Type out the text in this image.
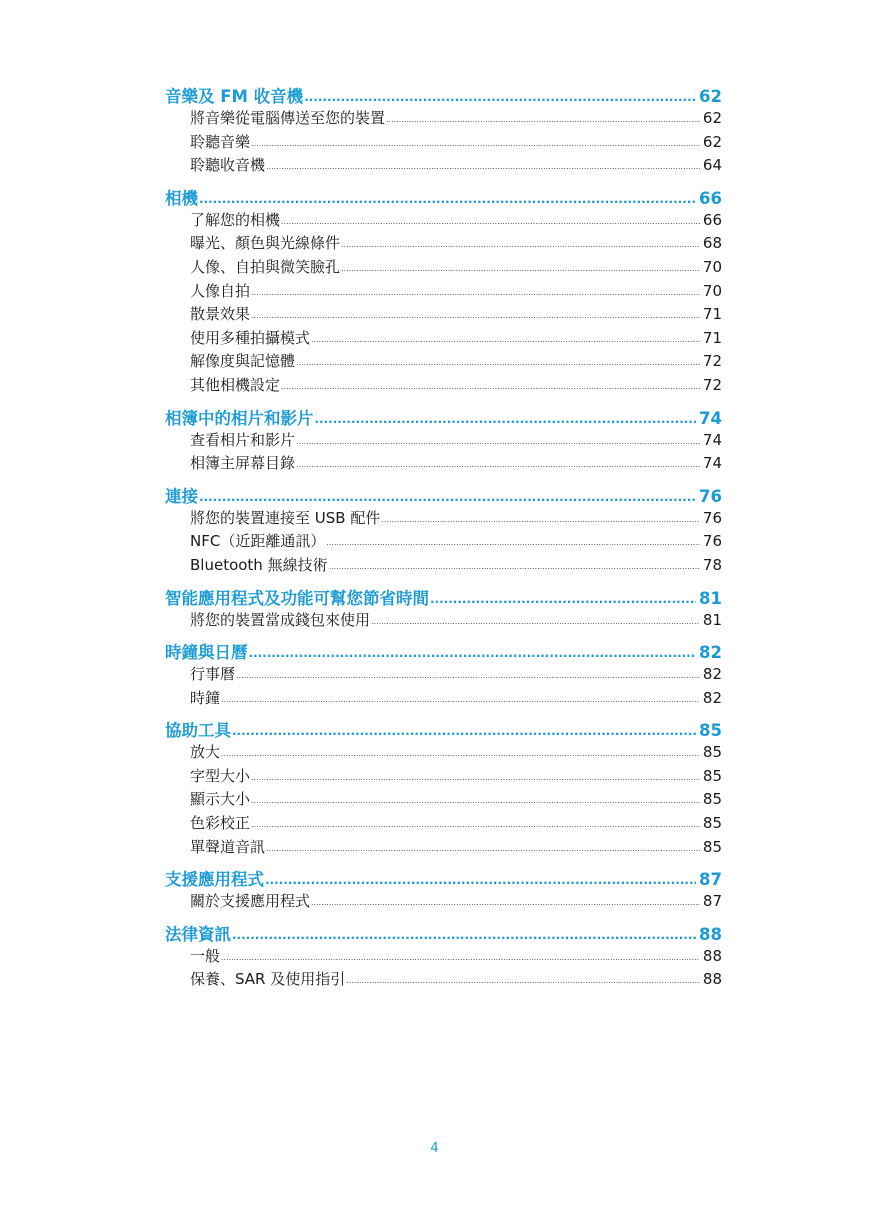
音樂及 FM 收音機 .....	62
將音樂從電腦傳送至您的裝置 .....	62
聆聽音樂 .....	62
聆聽收音機 .....	64
相機 .....	66
了解您的相機 .....	66
曝光、顏色與光線條件 .....	68
人像、自拍與微笑臉孔 .....	70
人像自拍 .....	70
散景效果 .....	71
使用多種拍攝模式 .....	71
解像度與記憶體 .....	72
其他相機設定 .....	72
相簿中的相片和影片 .....	74
查看相片和影片 .....	74
相簿主屏幕目錄 .....	74
連接 .....	76
將您的裝置連接至 USB 配件 .....	76
NFC（近距離通訊） .....	76
Bluetooth 無線技術 .....	78
智能應用程式及功能可幫您節省時間 .....	81
將您的裝置當成錢包來使用 .....	81
時鐘與日曆 .....	82
行事曆 .....	82
時鐘 .....	82
協助工具 .....	85
放大 .....	85
字型大小 .....	85
顯示大小 .....	85
色彩校正 .....	85
單聲道音訊 .....	85
支援應用程式 .....	87
關於支援應用程式 .....	87
法律資訊 .....	88
一般 .....	88
保養、SAR 及使用指引 .....	88
4
